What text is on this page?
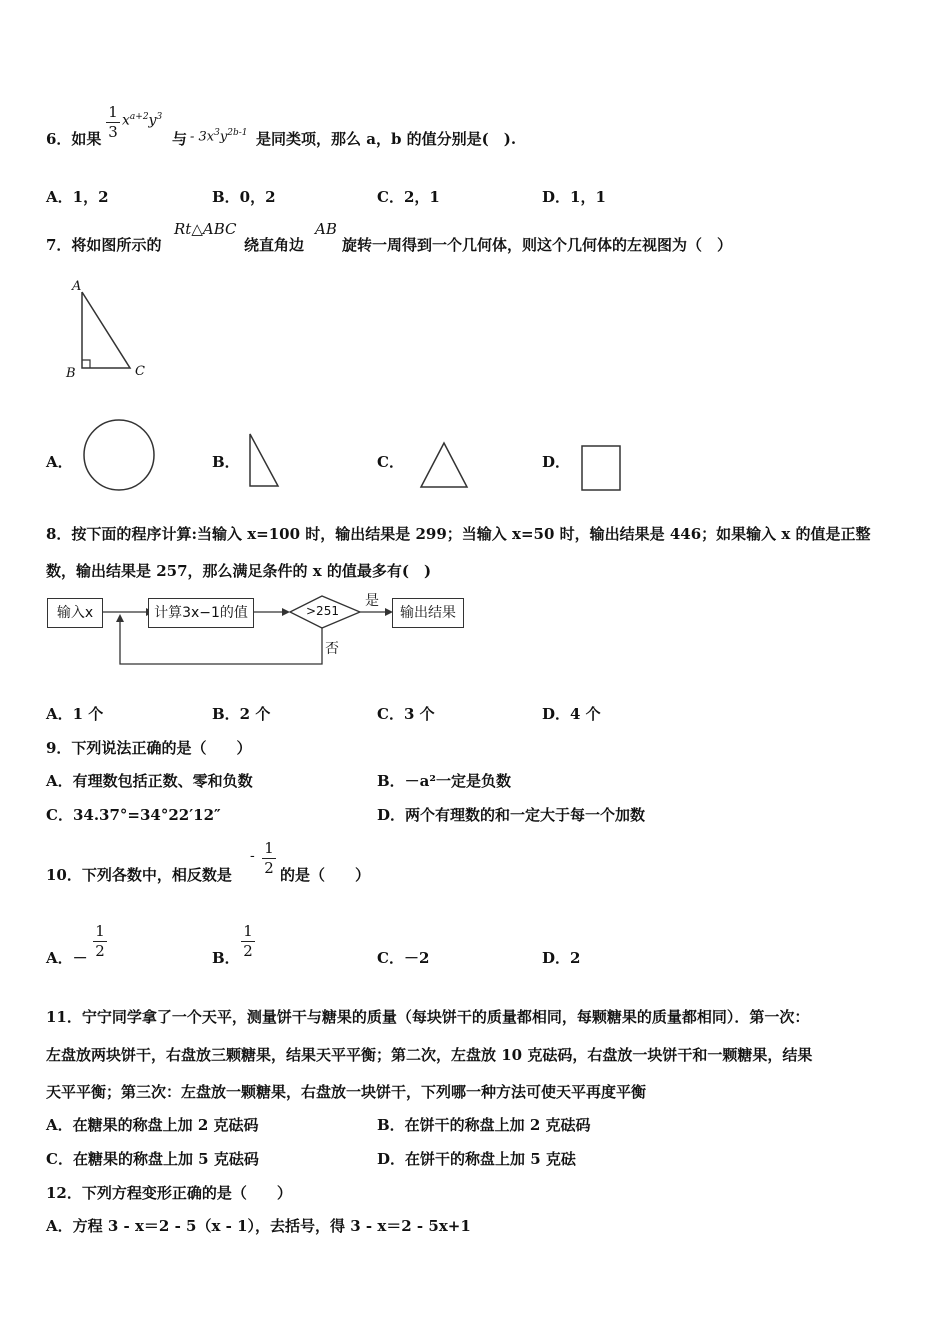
6．如果
1
3
$x^{a+2}y^3$
与 - $3x^3y^{2b-1}$ 是同类项，那么 a，b 的值分别是(　).
A．1，2	B．0，2	C．2，1	D．1，1
7．将如图所示的
Rt△ABC
绕直角边
AB
旋转一周得到一个几何体，则这个几何体的左视图为（　）
A
B	C
A．	B．	C．	D．
8．按下面的程序计算:当输入 x=100 时，输出结果是 299；当输入 x=50 时，输出结果是 446；如果输入 x 的值是正整
数，输出结果是 257，那么满足条件的 x 的值最多有(　)
输入x	计算3x−1的值	>251
是
否
输出结果
A．1 个	B．2 个	C．3 个	D．4 个
9．下列说法正确的是（　　）
A．有理数包括正数、零和负数	B．－a²一定是负数
C．34.37°=34°22′12″	D．两个有理数的和一定大于每一个加数
10．下列各数中，相反数是
- 1
2 的是（　　）
A．－
1
2	B．
1
2	C．－2	D．2
11．宁宁同学拿了一个天平，测量饼干与糖果的质量（每块饼干的质量都相同，每颗糖果的质量都相同）．第一次：
左盘放两块饼干，右盘放三颗糖果，结果天平平衡；第二次，左盘放 10 克砝码，右盘放一块饼干和一颗糖果，结果
天平平衡；第三次：左盘放一颗糖果，右盘放一块饼干，下列哪一种方法可使天平再度平衡
A．在糖果的称盘上加 2 克砝码	B．在饼干的称盘上加 2 克砝码
C．在糖果的称盘上加 5 克砝码	D．在饼干的称盘上加 5 克砝
12．下列方程变形正确的是（　　）
A．方程 3 - x＝2 - 5（x - 1），去括号，得 3 - x＝2 - 5x+1
